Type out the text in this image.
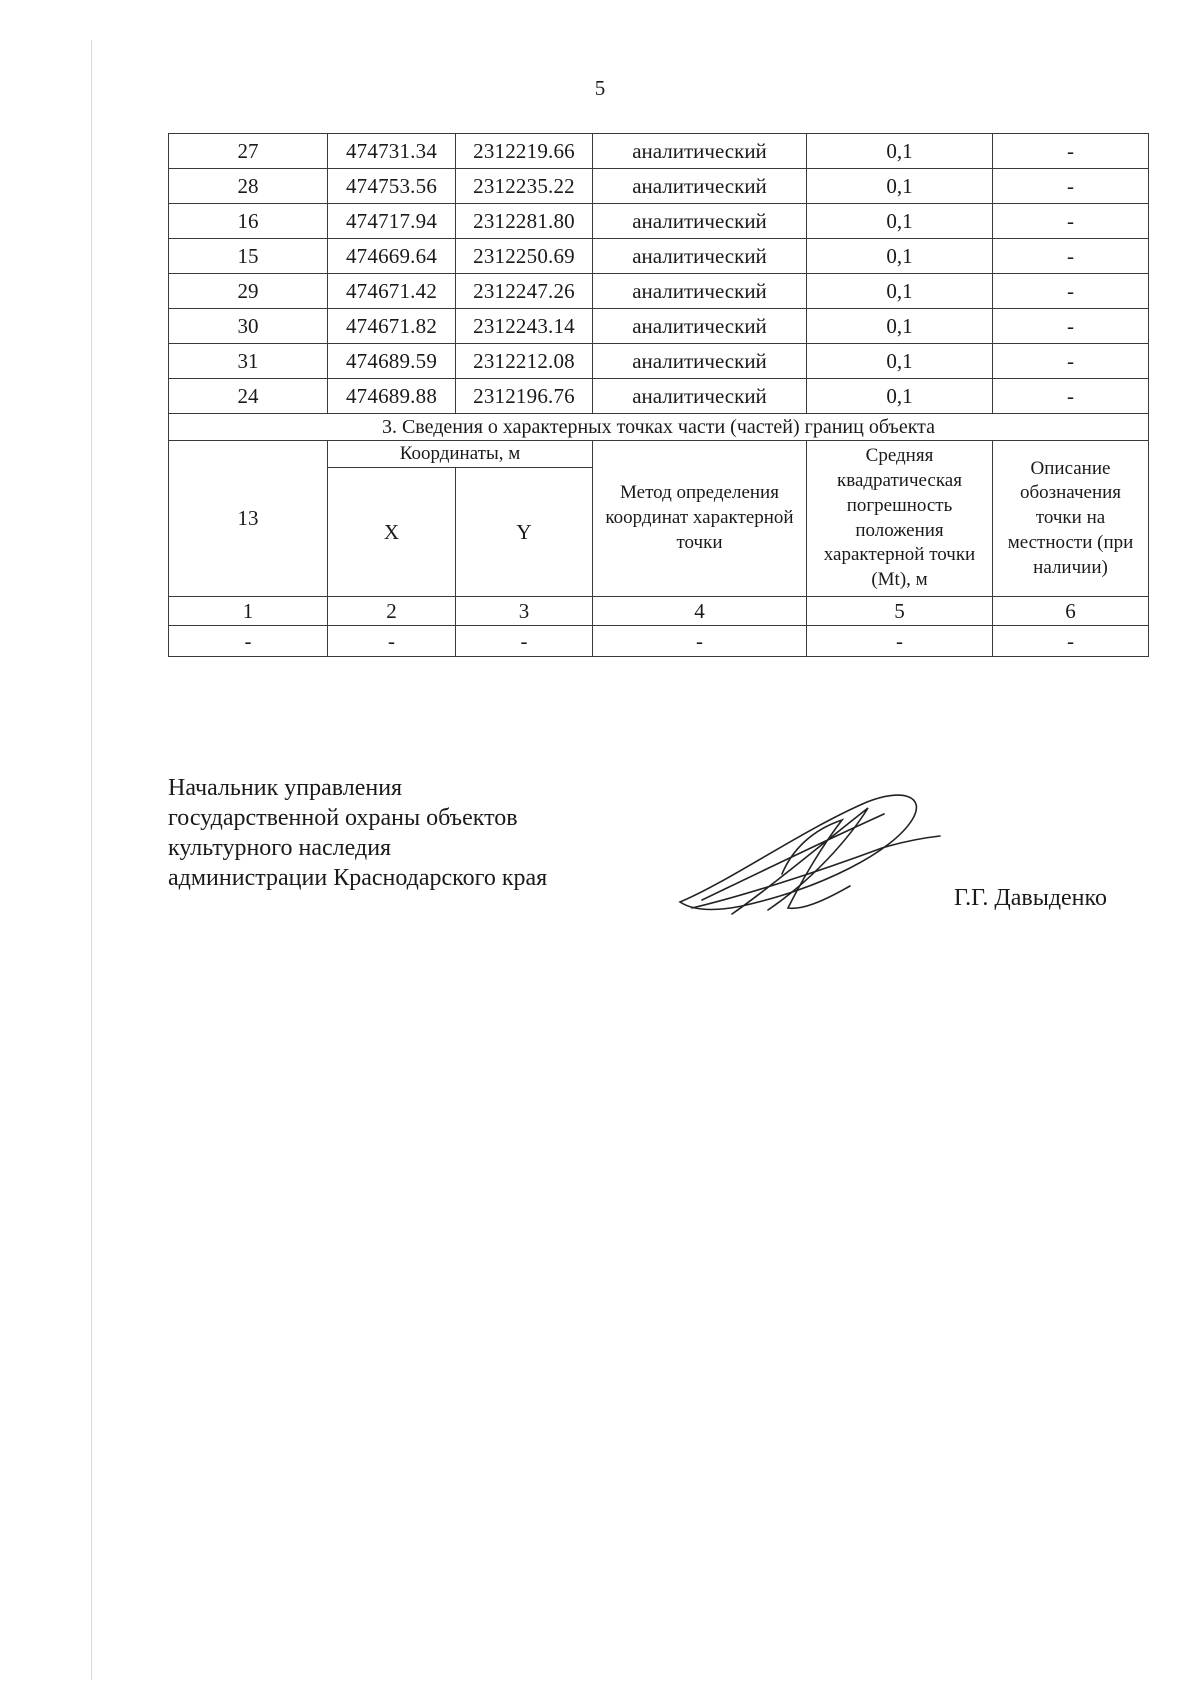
5
27	474731.34	2312219.66	аналитический	0,1	-
28	474753.56	2312235.22	аналитический	0,1	-
16	474717.94	2312281.80	аналитический	0,1	-
15	474669.64	2312250.69	аналитический	0,1	-
29	474671.42	2312247.26	аналитический	0,1	-
30	474671.82	2312243.14	аналитический	0,1	-
31	474689.59	2312212.08	аналитический	0,1	-
24	474689.88	2312196.76	аналитический	0,1	-
3. Сведения о характерных точках части (частей) границ объекта					
13	Координаты, м		Метод определения координат характерной точки	Средняя квадратическая погрешность положения характерной точки (Mt), м	Описание обозначения точки на местности (при наличии)
	X	Y			
1	2	3	4	5	6
-	-	-	-	-	-
Начальник управления
государственной охраны объектов
культурного наследия
администрации Краснодарского края
Г.Г. Давыденко
